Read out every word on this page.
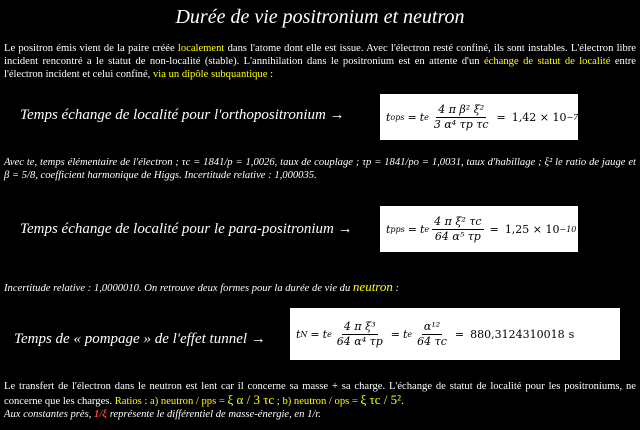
Durée de vie positronium et neutron
Le positron émis vient de la paire créée localement dans l'atome dont elle est issue. Avec l'électron resté confiné, ils sont instables. L'électron libre incident rencontré a le statut de non-localité (stable). L'annihilation dans le positronium est en attente d'un échange de statut de localité entre l'électron incident et celui confiné, via un dipôle subquantique :
Temps échange de localité pour l'orthopositronium →	t ops = t e $\frac{\text{4 π β² ξ²}}{\text{3 α⁴ τp τc}} = 1,42 \times 10 -7$ s
Avec te, temps élémentaire de l'électron ; τc = 1841/p = 1,0026, taux de couplage ; τp = 1841/po = 1,0031, taux d'habillage ; ξ² le ratio de jauge et β = 5/8, coefficient harmonique de Higgs. Incertitude relative : 1,000035.
Temps échange de localité pour le para-positronium →	t pps = t e $\frac{\text{4 π ξ² τc}}{\text{64 α⁵ τp}} = 1,25 \times 10 -10$ s
Incertitude relative : 1,0000010. On retrouve deux formes pour la durée de vie du neutron :
Temps de « pompage » de l'effet tunnel →	t N = t e $\frac{\text{4 π ξ³}}{\text{64 α⁴ τp}} = t$ e $\frac{\text{α¹²}}{64 \tau c} = 880,3124310018$ s
Le transfert de l'électron dans le neutron est lent car il concerne sa masse + sa charge. L'échange de statut de localité pour les positroniums, ne concerne que les charges. Ratios : a) neutron / pps = ξ α / 3 τc ; b) neutron / ops = ξ τc / 5².
Aux constantes près, 1/ξ représente le différentiel de masse-énergie, en 1/r.
